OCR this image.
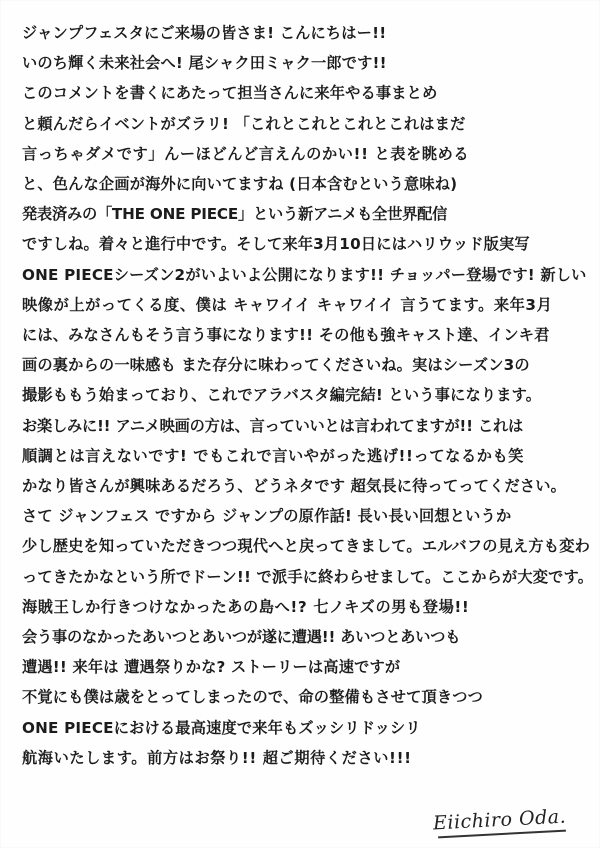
ジャンプフェスタにご来場の皆さま! こんにちはー!! いのち輝く未来社会へ! 尾シャク田ミャク一郎です!! このコメントを書くにあたって担当さんに来年やる事まとめ と頼んだらイベントがズラリ! 「これとこれとこれとこれはまだ 言っちゃダメです」んーほどんど言えんのかい!! と表を眺める と、色んな企画が海外に向いてますね (日本含むという意味ね) 発表済みの「THE ONE PIECE」という新アニメも全世界配信 ですしね。着々と進行中です。そして来年3月10日にはハリウッド版実写 ONE PIECEシーズン2がいよいよ公開になります!! チョッパー登場です! 新しい 映像が上がってくる度、僕は キャワイイ キャワイイ 言うてます。来年3月 には、みなさんもそう言う事になります!! その他も強キャスト達、インキ君 画の裏からの一味感も また存分に味わってくださいね。実はシーズン3の 撮影ももう始まっており、これでアラバスタ編完結! という事になります。 お楽しみに!! アニメ映画の方は、言っていいとは言われてますが!! これは 順調とは言えないです! でもこれで言いやがった逃げ!!ってなるかも笑 かなり皆さんが興味あるだろう、どうネタです 超気長に待ってってください。 さて ジャンフェス ですから ジャンプの原作話! 長い長い回想というか 少し歴史を知っていただきつつ現代へと戻ってきまして。エルバフの見え方も変わ ってきたかなという所でドーン!! で派手に終わらせまして。ここからが大変です。 海賊王しか行きつけなかったあの島へ!? 七ノキズの男も登場!! 会う事のなかったあいつとあいつが遂に遭遇!! あいつとあいつも 遭遇!! 来年は 遭遇祭りかな? ストーリーは高速ですが 不覚にも僕は歳をとってしまったので、命の整備もさせて頂きつつ ONE PIECEにおける最高速度で来年もズッシリドッシリ 航海いたします。前方はお祭り!! 超ご期待ください!!!
Eiichiro Oda.
